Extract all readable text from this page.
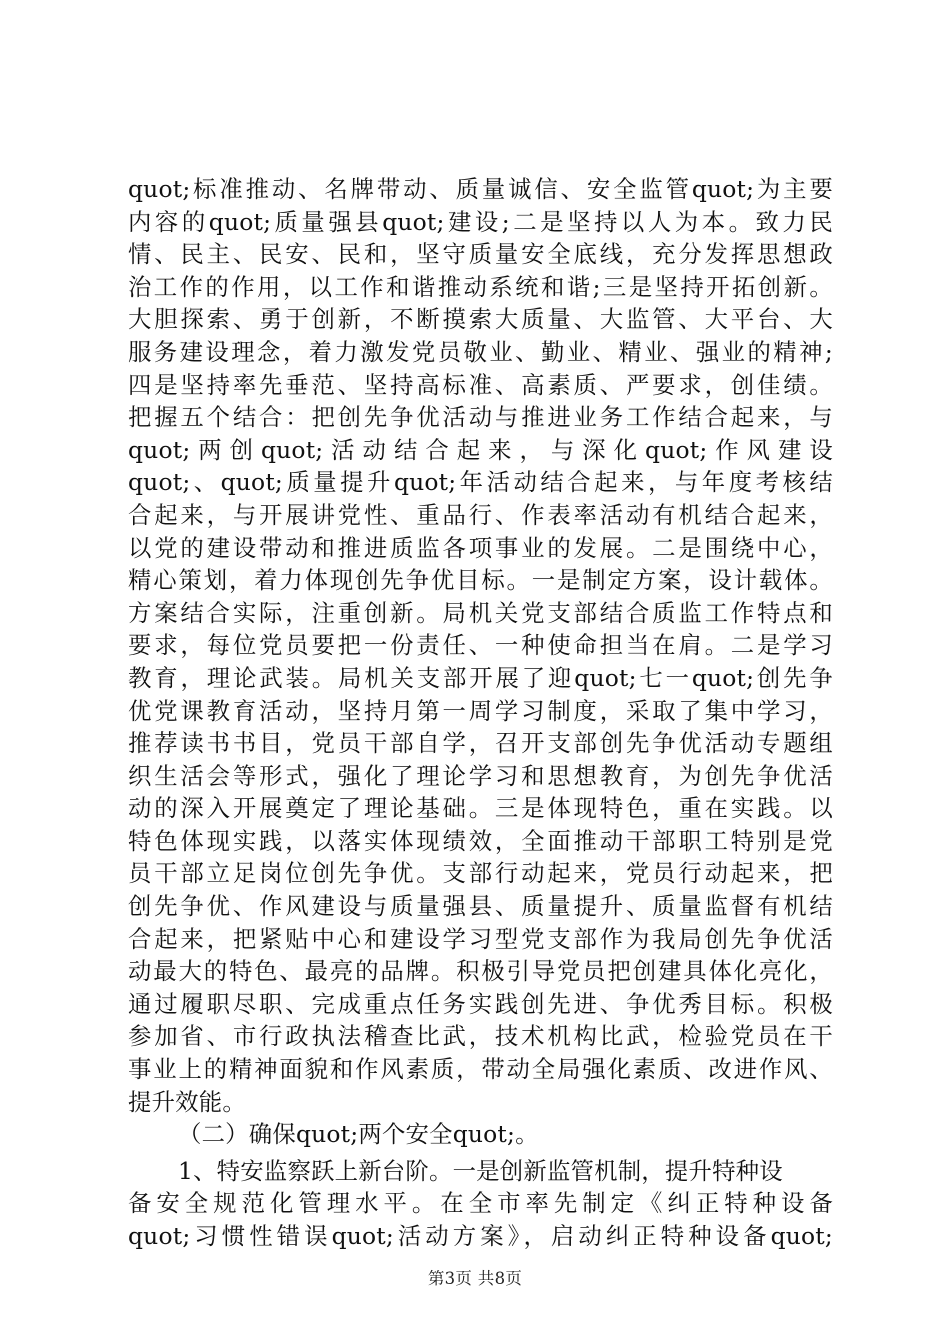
quot;标准推动、名牌带动、质量诚信、安全监管quot;为主要
内容的quot;质量强县quot;建设;二是坚持以人为本。致力民
情、民主、民安、民和，坚守质量安全底线，充分发挥思想政
治工作的作用，以工作和谐推动系统和谐;三是坚持开拓创新。
大胆探索、勇于创新，不断摸索大质量、大监管、大平台、大
服务建设理念，着力激发党员敬业、勤业、精业、强业的精神;
四是坚持率先垂范、坚持高标准、高素质、严要求，创佳绩。
把握五个结合：把创先争优活动与推进业务工作结合起来，与
quot;两创quot;活动结合起来，与深化quot;作风建设
quot;、quot;质量提升quot;年活动结合起来，与年度考核结
合起来，与开展讲党性、重品行、作表率活动有机结合起来，
以党的建设带动和推进质监各项事业的发展。二是围绕中心，
精心策划，着力体现创先争优目标。一是制定方案，设计载体。
方案结合实际，注重创新。局机关党支部结合质监工作特点和
要求，每位党员要把一份责任、一种使命担当在肩。二是学习
教育，理论武装。局机关支部开展了迎quot;七一quot;创先争
优党课教育活动，坚持月第一周学习制度，采取了集中学习，
推荐读书书目，党员干部自学，召开支部创先争优活动专题组
织生活会等形式，强化了理论学习和思想教育，为创先争优活
动的深入开展奠定了理论基础。三是体现特色，重在实践。以
特色体现实践，以落实体现绩效，全面推动干部职工特别是党
员干部立足岗位创先争优。支部行动起来，党员行动起来，把
创先争优、作风建设与质量强县、质量提升、质量监督有机结
合起来，把紧贴中心和建设学习型党支部作为我局创先争优活
动最大的特色、最亮的品牌。积极引导党员把创建具体化亮化，
通过履职尽职、完成重点任务实践创先进、争优秀目标。积极
参加省、市行政执法稽查比武，技术机构比武，检验党员在干
事业上的精神面貌和作风素质，带动全局强化素质、改进作风、
提升效能。
（二）确保quot;两个安全quot;。
1、特安监察跃上新台阶。一是创新监管机制，提升特种设
备安全规范化管理水平。在全市率先制定《纠正特种设备
quot;习惯性错误quot;活动方案》，启动纠正特种设备quot;
第3页 共8页
